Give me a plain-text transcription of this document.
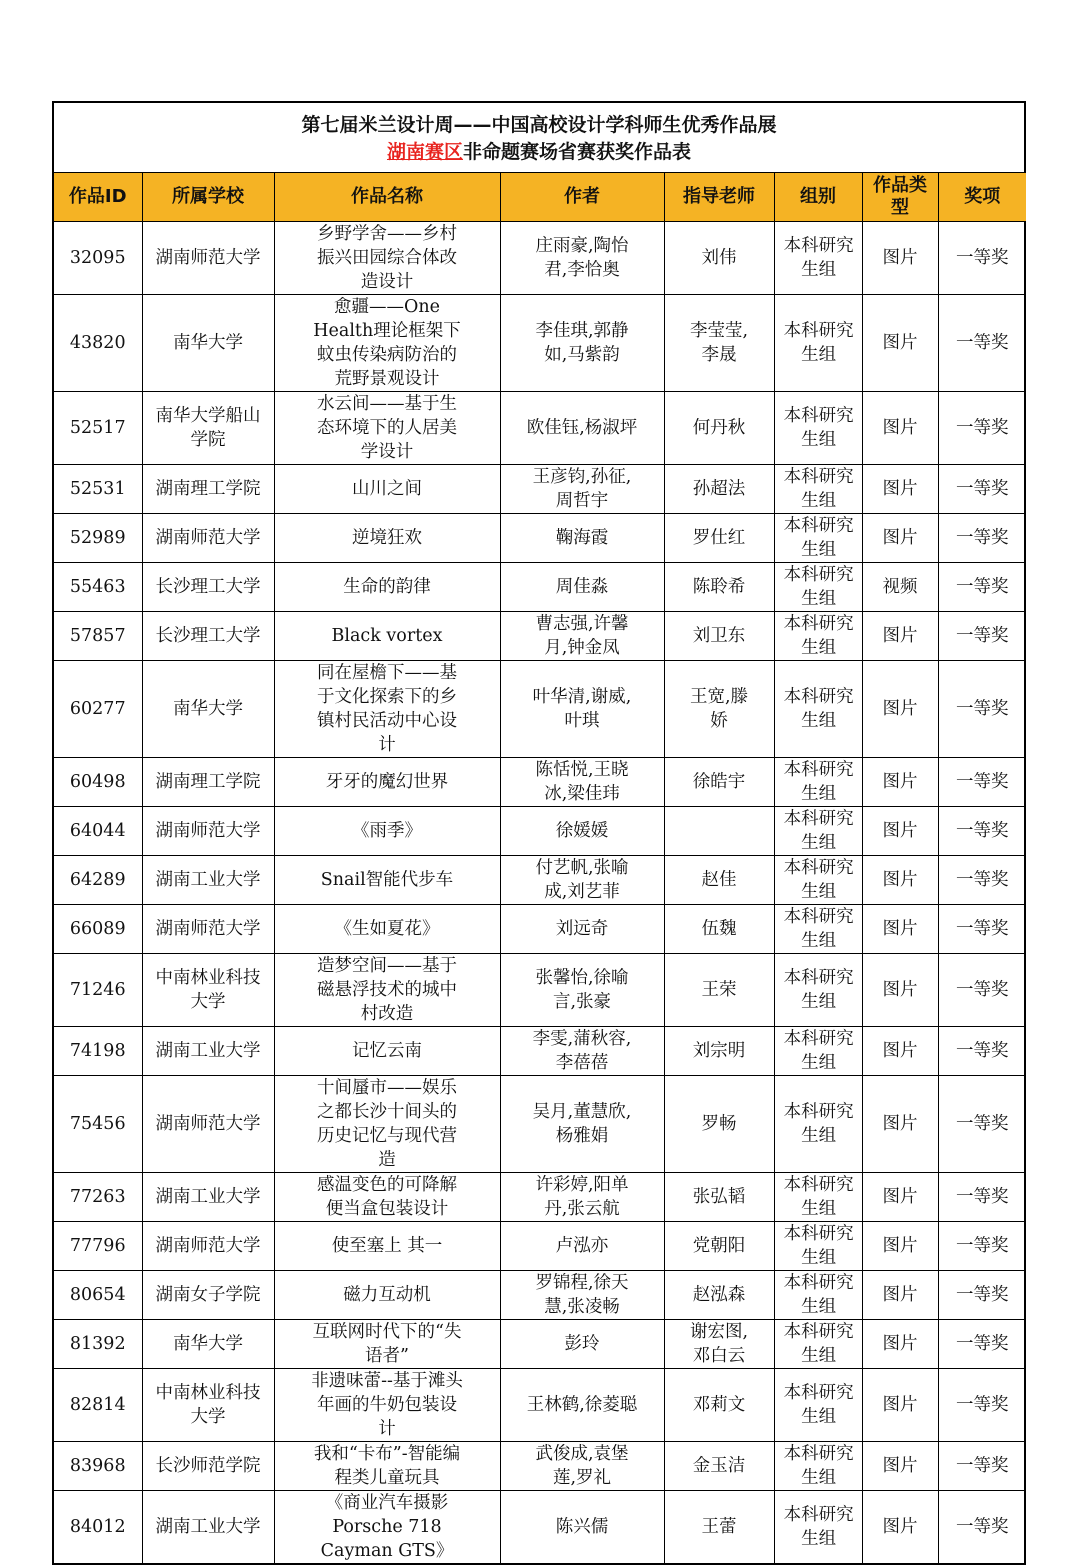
第七届米兰设计周——中国高校设计学科师生优秀作品展
湖南赛区非命题赛场省赛获奖作品表
作品ID	所属学校	作品名称	作者	指导老师	组别	作品类型	奖项

32095	湖南师范大学	乡野学舍——乡村振兴田园综合体改造设计	庄雨豪,陶怡君,李恰奥	刘伟	本科研究生组	图片	一等奖

43820	南华大学	愈疆——One Health理论框架下蚊虫传染病防治的荒野景观设计	李佳琪,郭静如,马紫韵	李莹莹,李晟	本科研究生组	图片	一等奖

52517	南华大学船山学院	水云间——基于生态环境下的人居美学设计	欧佳钰,杨淑坪	何丹秋	本科研究生组	图片	一等奖

52531	湖南理工学院	山川之间	王彦钧,孙征,周哲宇	孙超法	本科研究生组	图片	一等奖

52989	湖南师范大学	逆境狂欢	鞠海霞	罗仕红	本科研究生组	图片	一等奖

55463	长沙理工大学	生命的韵律	周佳淼	陈聆希	本科研究生组	视频	一等奖

57857	长沙理工大学	Black vortex	曹志强,许馨月,钟金凤	刘卫东	本科研究生组	图片	一等奖

60277	南华大学	同在屋檐下——基于文化探索下的乡镇村民活动中心设计	叶华清,谢威,叶琪	王宽,滕娇	本科研究生组	图片	一等奖

60498	湖南理工学院	牙牙的魔幻世界	陈恬悦,王晓冰,梁佳玮	徐皓宇	本科研究生组	图片	一等奖

64044	湖南师范大学	《雨季》	徐媛媛		本科研究生组	图片	一等奖

64289	湖南工业大学	Snail智能代步车	付艺帆,张喻成,刘艺菲	赵佳	本科研究生组	图片	一等奖

66089	湖南师范大学	《生如夏花》	刘远奇	伍魏	本科研究生组	图片	一等奖

71246	中南林业科技大学	造梦空间——基于磁悬浮技术的城中村改造	张馨怡,徐喻言,张豪	王荣	本科研究生组	图片	一等奖

74198	湖南工业大学	记忆云南	李雯,蒲秋容,李蓓蓓	刘宗明	本科研究生组	图片	一等奖

75456	湖南师范大学	十间蜃市——娱乐之都长沙十间头的历史记忆与现代营造	吴月,董慧欣,杨雅娟	罗畅	本科研究生组	图片	一等奖

77263	湖南工业大学	感温变色的可降解便当盒包装设计	许彩婷,阳单丹,张云航	张弘韬	本科研究生组	图片	一等奖

77796	湖南师范大学	使至塞上 其一	卢泓亦	党朝阳	本科研究生组	图片	一等奖

80654	湖南女子学院	磁力互动机	罗锦程,徐天慧,张凌畅	赵泓森	本科研究生组	图片	一等奖

81392	南华大学	互联网时代下的“失语者”	彭玲	谢宏图,邓白云	本科研究生组	图片	一等奖

82814	中南林业科技大学	非遗味蕾--基于滩头年画的牛奶包装设计	王林鹤,徐菱聪	邓莉文	本科研究生组	图片	一等奖

83968	长沙师范学院	我和“卡布”-智能编程类儿童玩具	武俊成,袁堡莲,罗礼	金玉洁	本科研究生组	图片	一等奖

84012	湖南工业大学	《商业汽车摄影Porsche 718 Cayman GTS》	陈兴儒	王蕾	本科研究生组	图片	一等奖
